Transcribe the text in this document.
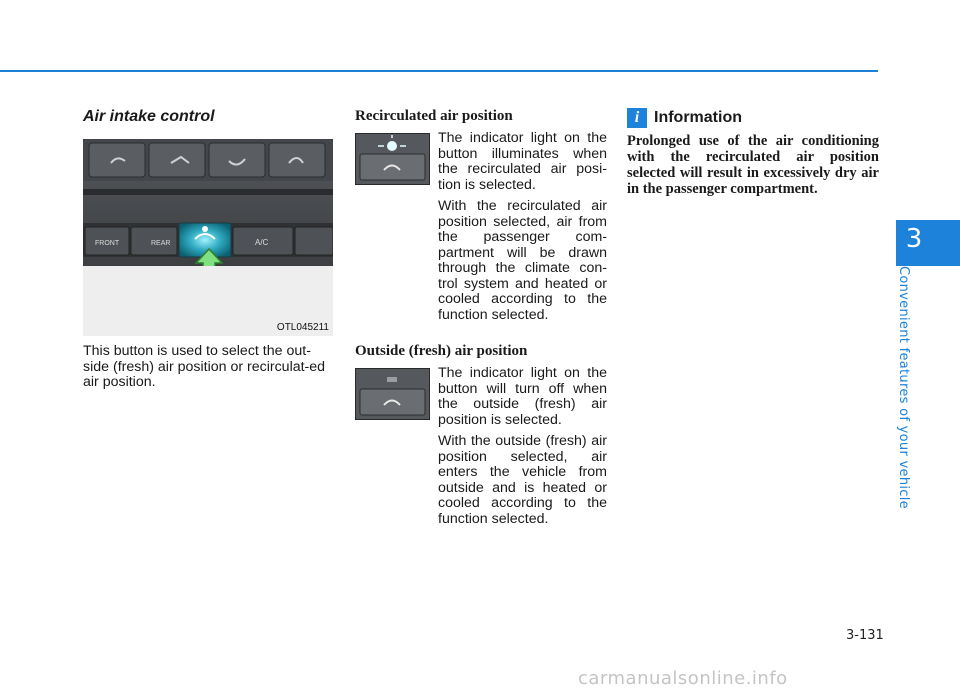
3
Convenient features of your vehicle
Air intake control
FRONT	REAR	A/C
OTL045211

This button is used to select the out-side (fresh) air position or recirculat-ed air position.

Recirculated air position

The indicator light on the button illuminates when the recirculated air posi-tion is selected.

With the recirculated air position selected, air from the passenger com-partment will be drawn through the climate con-trol system and heated or cooled according to the function selected.

Outside (fresh) air position

The indicator light on the button will turn off when the outside (fresh) air position is selected.

With the outside (fresh) air position selected, air enters the vehicle from outside and is heated or cooled according to the function selected.

i Information

Prolonged use of the air conditioning with the recirculated air position selected will result in excessively dry air in the passenger compartment.

3-131
carmanualsonline.info
